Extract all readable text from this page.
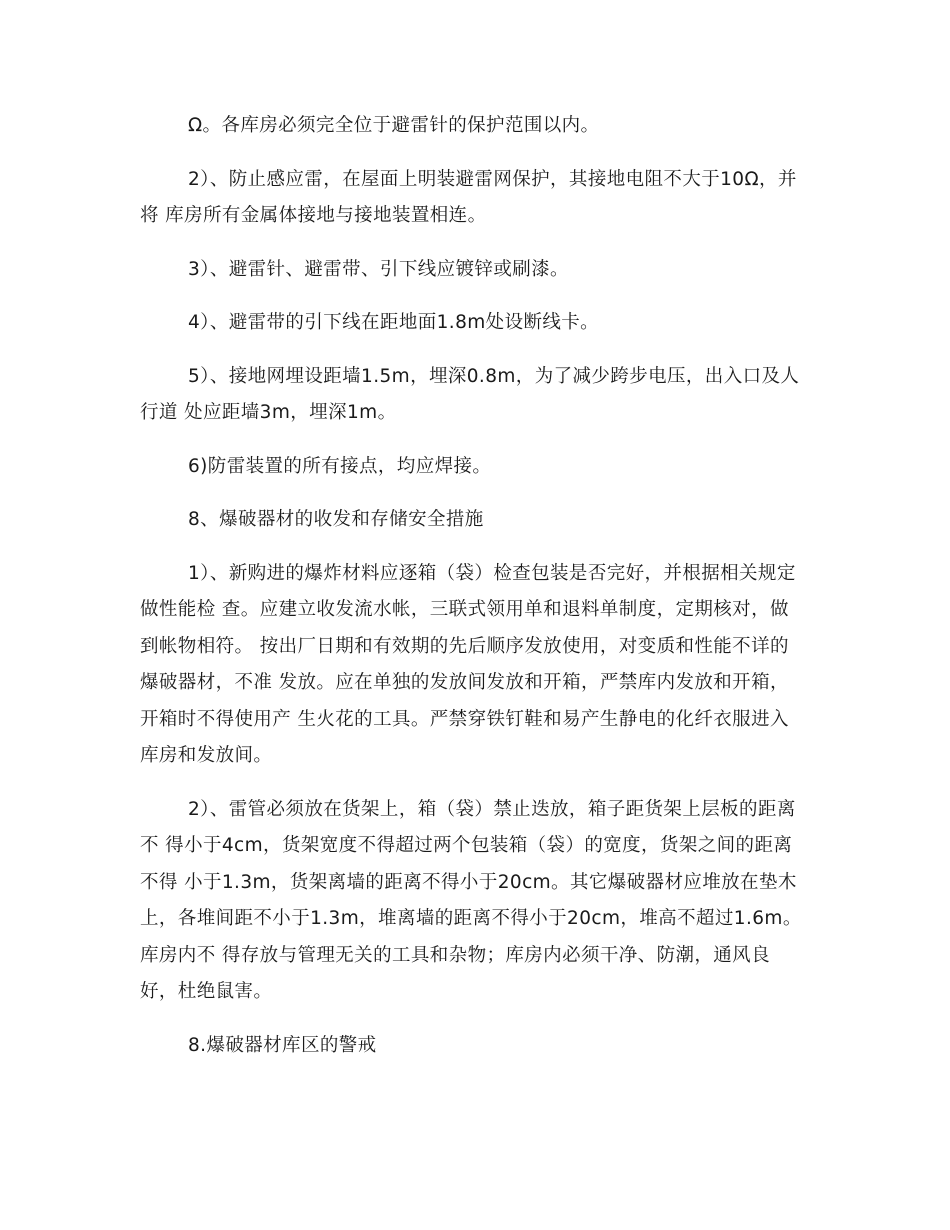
Ω。各库房必须完全位于避雷针的保护范围以内。

2）、防止感应雷，在屋面上明装避雷网保护，其接地电阻不大于10Ω，并将 库房所有金属体接地与接地装置相连。

3）、避雷针、避雷带、引下线应镀锌或刷漆。

4）、避雷带的引下线在距地面1.8m处设断线卡。

5）、接地网埋设距墙1.5m，埋深0.8m，为了减少跨步电压，出入口及人行道 处应距墙3m，埋深1m。

6)防雷装置的所有接点，均应焊接。

8、爆破器材的收发和存储安全措施

1）、新购进的爆炸材料应逐箱（袋）检查包装是否完好，并根据相关规定做性能检 查。应建立收发流水帐，三联式领用单和退料单制度，定期核对，做到帐物相符。 按出厂日期和有效期的先后顺序发放使用，对变质和性能不详的爆破器材，不准 发放。应在单独的发放间发放和开箱，严禁库内发放和开箱，开箱时不得使用产 生火花的工具。严禁穿铁钉鞋和易产生静电的化纤衣服进入库房和发放间。

2）、雷管必须放在货架上，箱（袋）禁止迭放，箱子距货架上层板的距离不 得小于4cm，货架宽度不得超过两个包装箱（袋）的宽度，货架之间的距离不得 小于1.3m，货架离墙的距离不得小于20cm。其它爆破器材应堆放在垫木上，各堆间距不小于1.3m，堆离墙的距离不得小于20cm，堆高不超过1.6m。库房内不 得存放与管理无关的工具和杂物；库房内必须干净、防潮，通风良好，杜绝鼠害。

8.爆破器材库区的警戒
